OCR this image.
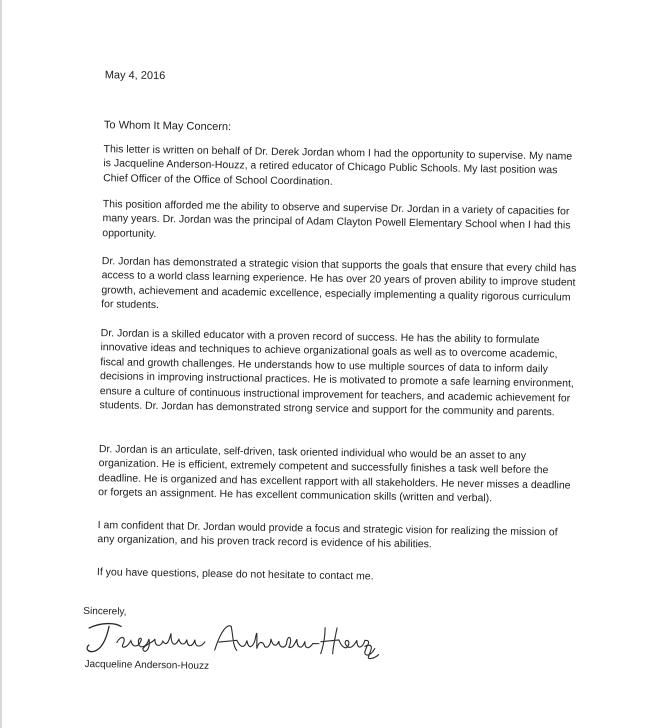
May 4, 2016

To Whom It May Concern:

This letter is written on behalf of Dr. Derek Jordan whom I had the opportunity to supervise. My name is Jacqueline Anderson-Houzz, a retired educator of Chicago Public Schools. My last position was Chief Officer of the Office of School Coordination.

This position afforded me the ability to observe and supervise Dr. Jordan in a variety of capacities for many years. Dr. Jordan was the principal of Adam Clayton Powell Elementary School when I had this opportunity.

Dr. Jordan has demonstrated a strategic vision that supports the goals that ensure that every child has access to a world class learning experience. He has over 20 years of proven ability to improve student growth, achievement and academic excellence, especially implementing a quality rigorous curriculum for students.

Dr. Jordan is a skilled educator with a proven record of success. He has the ability to formulate innovative ideas and techniques to achieve organizational goals as well as to overcome academic, fiscal and growth challenges. He understands how to use multiple sources of data to inform daily decisions in improving instructional practices. He is motivated to promote a safe learning environment, ensure a culture of continuous instructional improvement for teachers, and academic achievement for students. Dr. Jordan has demonstrated strong service and support for the community and parents.

Dr. Jordan is an articulate, self-driven, task oriented individual who would be an asset to any organization. He is efficient, extremely competent and successfully finishes a task well before the deadline. He is organized and has excellent rapport with all stakeholders. He never misses a deadline or forgets an assignment. He has excellent communication skills (written and verbal).

I am confident that Dr. Jordan would provide a focus and strategic vision for realizing the mission of any organization, and his proven track record is evidence of his abilities.

If you have questions, please do not hesitate to contact me.

Sincerely,

Jacqueline Anderson-Houzz
